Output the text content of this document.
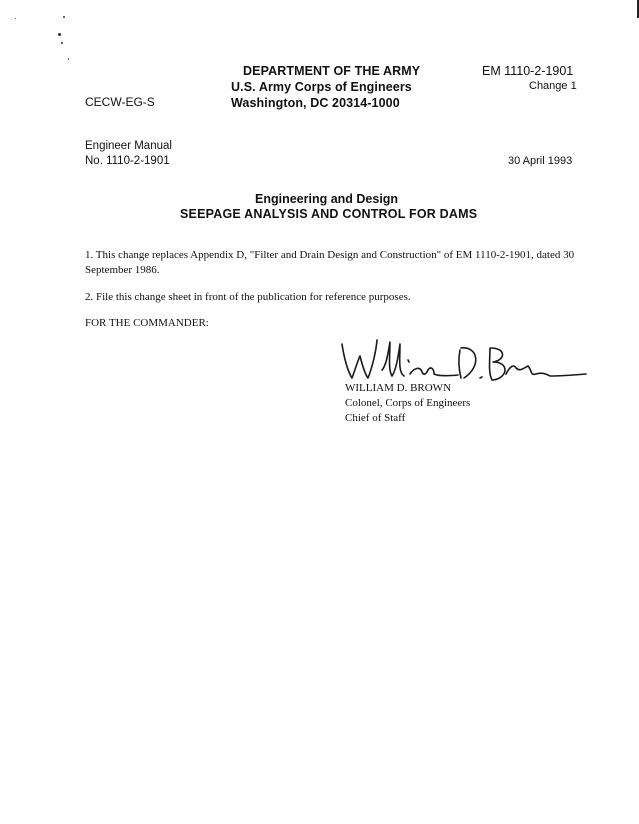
DEPARTMENT OF THE ARMY
U.S. Army Corps of Engineers
Washington, DC 20314-1000
EM 1110-2-1901
Change 1
CECW-EG-S
Engineer Manual
No. 1110-2-1901	30 April 1993
Engineering and Design
SEEPAGE ANALYSIS AND CONTROL FOR DAMS
1. This change replaces Appendix D, "Filter and Drain Design and Construction" of EM 1110-2-1901, dated 30 September 1986.
2. File this change sheet in front of the publication for reference purposes.
FOR THE COMMANDER:
WILLIAM D. BROWN
Colonel, Corps of Engineers
Chief of Staff
